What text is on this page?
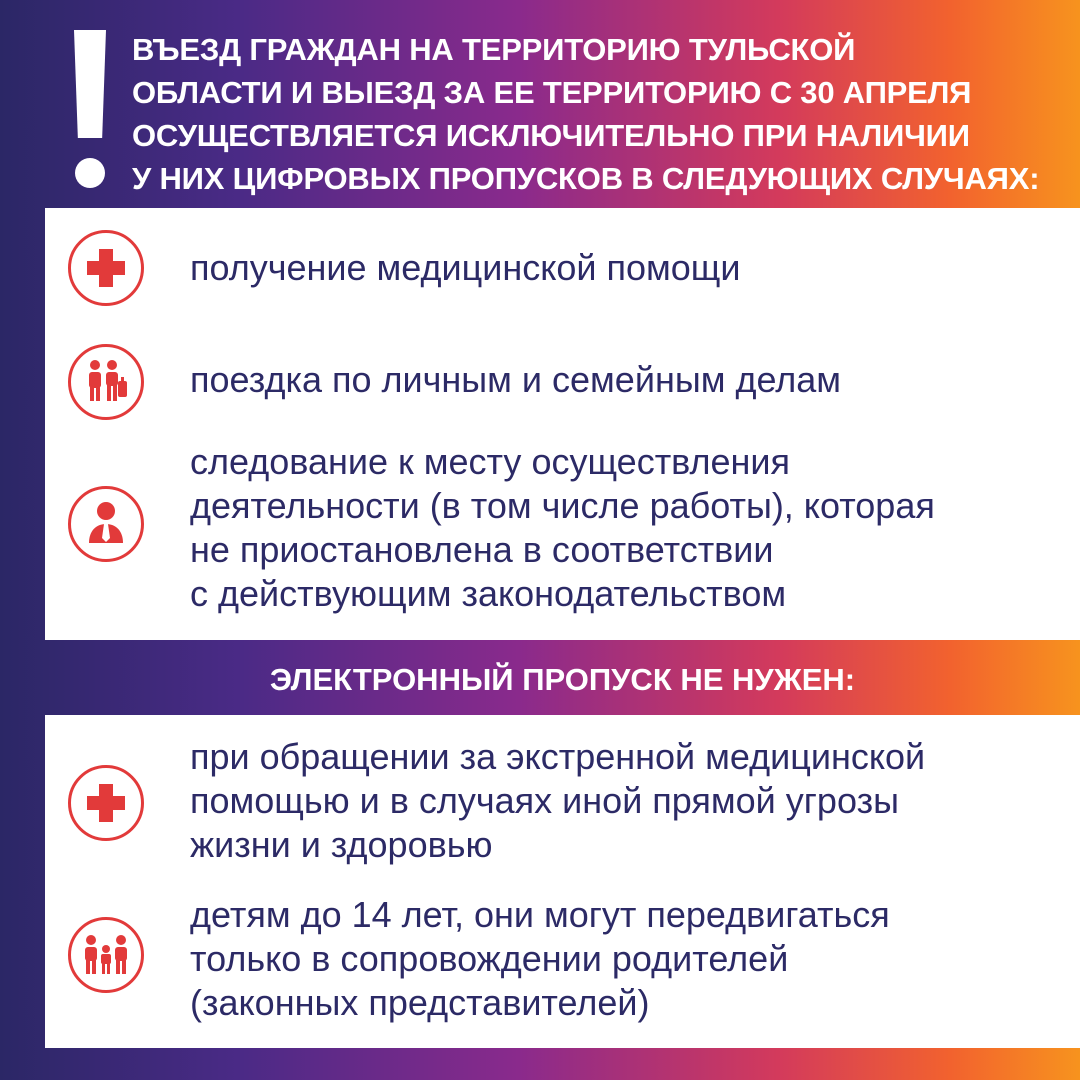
ВЪЕЗД ГРАЖДАН НА ТЕРРИТОРИЮ ТУЛЬСКОЙ
ОБЛАСТИ И ВЫЕЗД ЗА ЕЕ ТЕРРИТОРИЮ С 30 АПРЕЛЯ
ОСУЩЕСТВЛЯЕТСЯ ИСКЛЮЧИТЕЛЬНО ПРИ НАЛИЧИИ
У НИХ ЦИФРОВЫХ ПРОПУСКОВ В СЛЕДУЮЩИХ СЛУЧАЯХ:
получение медицинской помощи
поездка по личным и семейным делам
следование к месту осуществления
деятельности (в том числе работы), которая
не приостановлена в соответствии
с действующим законодательством
ЭЛЕКТРОННЫЙ ПРОПУСК НЕ НУЖЕН:
при обращении за экстренной медицинской
помощью и в случаях иной прямой угрозы
жизни и здоровью
детям до 14 лет, они могут передвигаться
только в сопровождении родителей
(законных представителей)
